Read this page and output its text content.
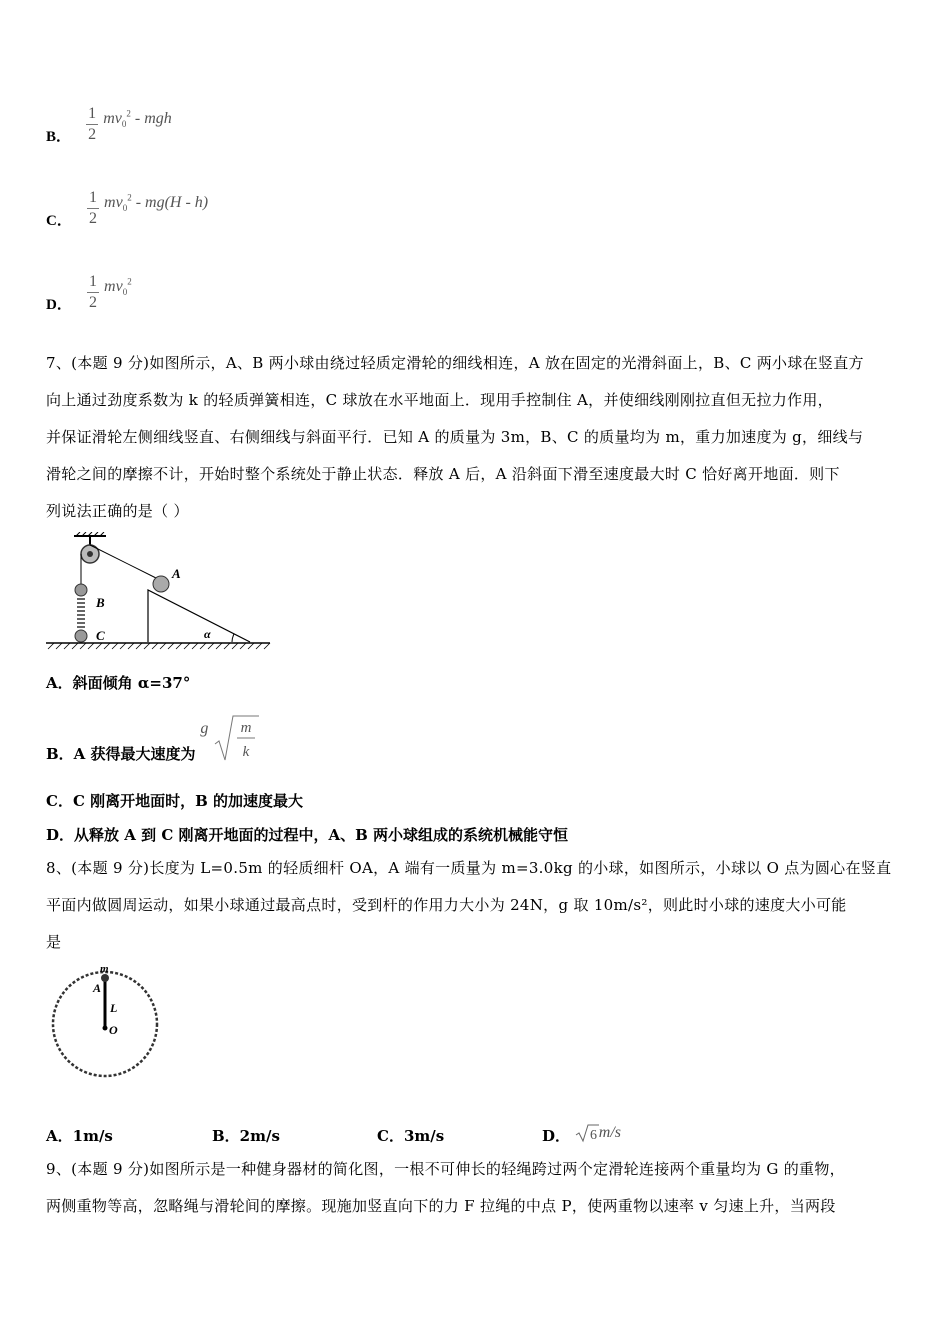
B． $\frac{1}{2} mv_0^2$ - mgh
C． $\frac{1}{2} mv_0^2 - mg(H - h)$
D． $\frac{1}{2} mv_0^2$
7、(本题 9 分)如图所示，A、B 两小球由绕过轻质定滑轮的细线相连，A 放在固定的光滑斜面上，B、C 两小球在竖直方
向上通过劲度系数为 k 的轻质弹簧相连，C 球放在水平地面上．现用手控制住 A，并使细线刚刚拉直但无拉力作用，
并保证滑轮左侧细线竖直、右侧细线与斜面平行．已知 A 的质量为 3m，B、C 的质量均为 m，重力加速度为 g，细线与
滑轮之间的摩擦不计，开始时整个系统处于静止状态．释放 A 后，A 沿斜面下滑至速度最大时 C 恰好离开地面．则下
列说法正确的是（ ）
A
B
C	α
A．斜面倾角 α=37°
B．A 获得最大速度为 g m
k
C．C 刚离开地面时，B 的加速度最大
D．从释放 A 到 C 刚离开地面的过程中，A、B 两小球组成的系统机械能守恒
8、(本题 9 分)长度为 L=0.5m 的轻质细杆 OA，A 端有一质量为 m=3.0kg 的小球，如图所示，小球以 O 点为圆心在竖直
平面内做圆周运动，如果小球通过最高点时，受到杆的作用力大小为 24N，g 取 10m/s²，则此时小球的速度大小可能
是
m
A
L
O
A．1m/s	B．2m/s	C．3m/s	D． 6 m/s
9、(本题 9 分)如图所示是一种健身器材的简化图，一根不可伸长的轻绳跨过两个定滑轮连接两个重量均为 G 的重物，
两侧重物等高，忽略绳与滑轮间的摩擦。现施加竖直向下的力 F 拉绳的中点 P，使两重物以速率 v 匀速上升，当两段
